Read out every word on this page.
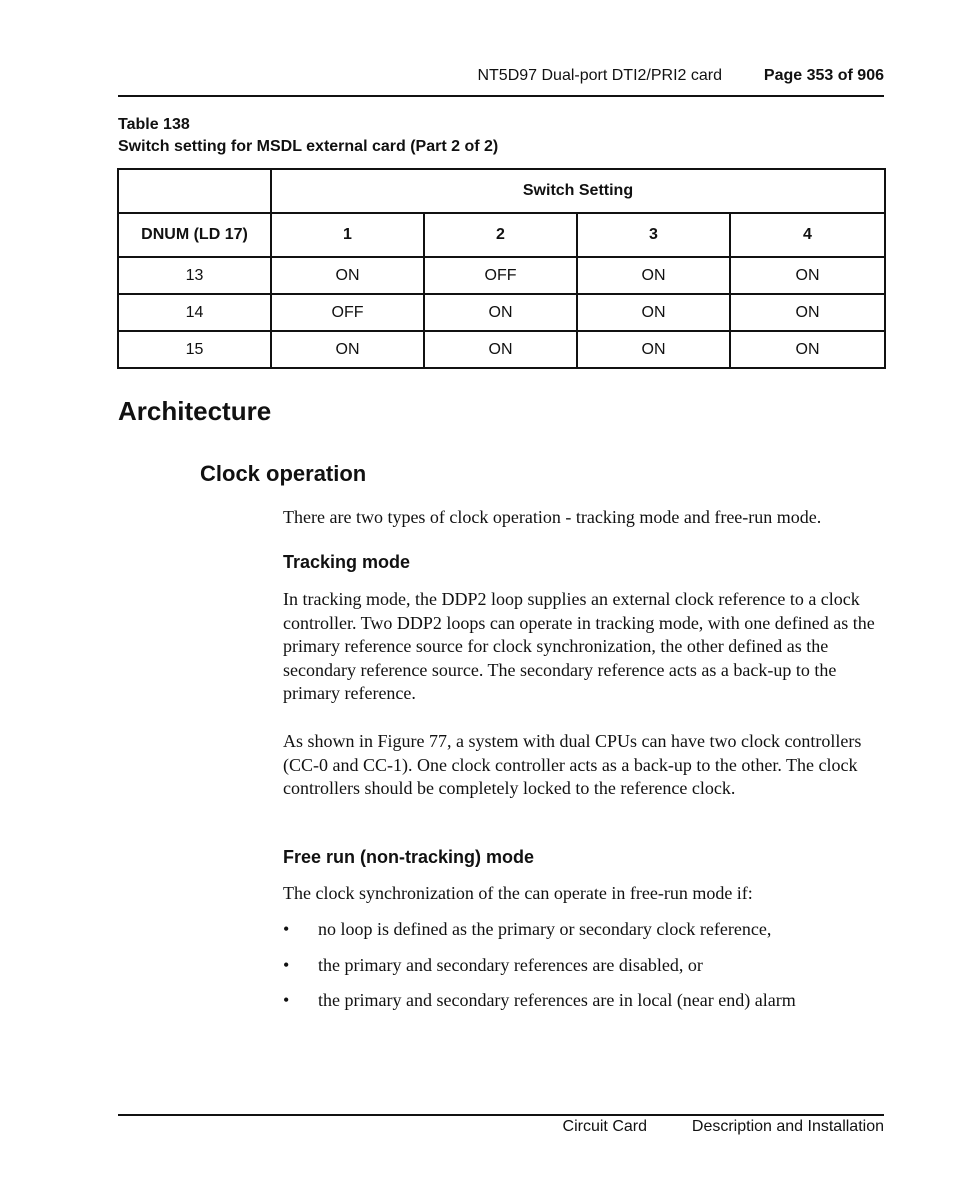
NT5D97 Dual-port DTI2/PRI2 card	Page 353 of 906
Table 138
Switch setting for MSDL external card (Part 2 of 2)
	Switch Setting			
DNUM (LD 17)	1	2	3	4
13	ON	OFF	ON	ON
14	OFF	ON	ON	ON
15	ON	ON	ON	ON
Architecture
Clock operation
There are two types of clock operation - tracking mode and free-run mode.
Tracking mode
In tracking mode, the DDP2 loop supplies an external clock reference to a clock controller. Two DDP2 loops can operate in tracking mode, with one defined as the primary reference source for clock synchronization, the other defined as the secondary reference source. The secondary reference acts as a back-up to the primary reference.
As shown in Figure 77, a system with dual CPUs can have two clock controllers (CC-0 and CC-1). One clock controller acts as a back-up to the other. The clock controllers should be completely locked to the reference clock.
Free run (non-tracking) mode
The clock synchronization of the can operate in free-run mode if:
• no loop is defined as the primary or secondary clock reference,
• the primary and secondary references are disabled, or
• the primary and secondary references are in local (near end) alarm
Circuit Card	Description and Installation
